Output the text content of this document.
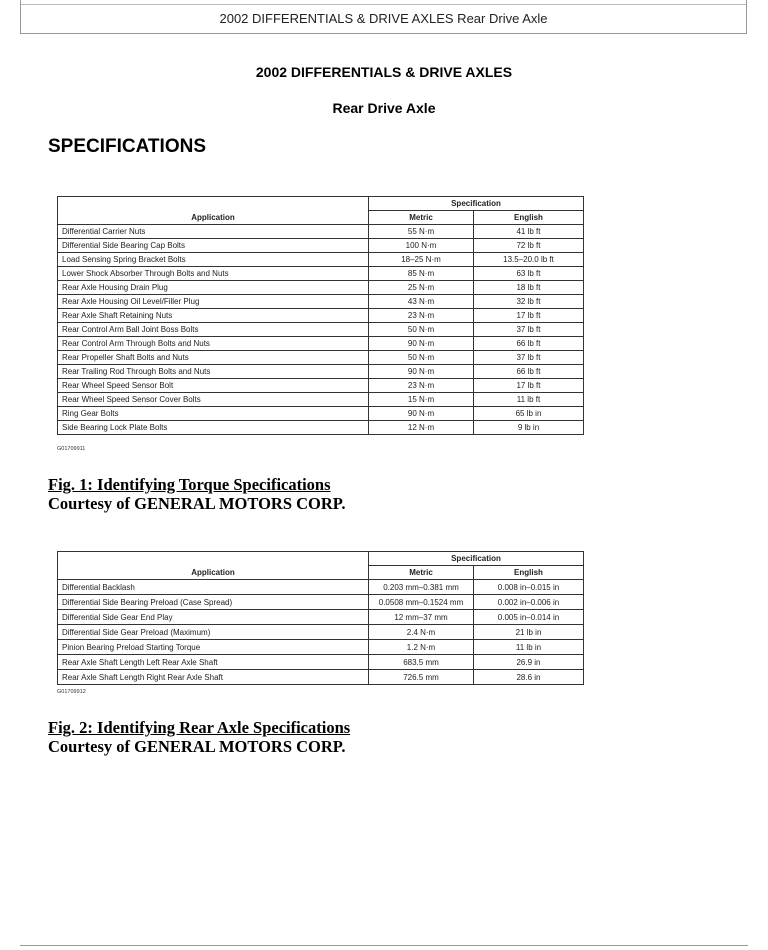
2002 DIFFERENTIALS & DRIVE AXLES Rear Drive Axle
2002 DIFFERENTIALS & DRIVE AXLES
Rear Drive Axle
SPECIFICATIONS
Application	Specification	
	Metric	English
Differential Carrier Nuts	55 N·m	41 lb ft
Differential Side Bearing Cap Bolts	100 N·m	72 lb ft
Load Sensing Spring Bracket Bolts	18–25 N·m	13.5–20.0 lb ft
Lower Shock Absorber Through Bolts and Nuts	85 N·m	63 lb ft
Rear Axle Housing Drain Plug	25 N·m	18 lb ft
Rear Axle Housing Oil Level/Filler Plug	43 N·m	32 lb ft
Rear Axle Shaft Retaining Nuts	23 N·m	17 lb ft
Rear Control Arm Ball Joint Boss Bolts	50 N·m	37 lb ft
Rear Control Arm Through Bolts and Nuts	90 N·m	66 lb ft
Rear Propeller Shaft Bolts and Nuts	50 N·m	37 lb ft
Rear Trailing Rod Through Bolts and Nuts	90 N·m	66 lb ft
Rear Wheel Speed Sensor Bolt	23 N·m	17 lb ft
Rear Wheel Speed Sensor Cover Bolts	15 N·m	11 lb ft
Ring Gear Bolts	90 N·m	65 lb in
Side Bearing Lock Plate Bolts	12 N·m	9 lb in
G01709911
Fig. 1: Identifying Torque Specifications
Courtesy of GENERAL MOTORS CORP.
Application	Specification	
	Metric	English
Differential Backlash	0.203 mm–0.381 mm	0.008 in–0.015 in
Differential Side Bearing Preload (Case Spread)	0.0508 mm–0.1524 mm	0.002 in–0.006 in
Differential Side Gear End Play	12 mm–37 mm	0.005 in–0.014 in
Differential Side Gear Preload (Maximum)	2.4 N·m	21 lb in
Pinion Bearing Preload Starting Torque	1.2 N·m	11 lb in
Rear Axle Shaft Length Left Rear Axle Shaft	683.5 mm	26.9 in
Rear Axle Shaft Length Right Rear Axle Shaft	726.5 mm	28.6 in
G01709912
Fig. 2: Identifying Rear Axle Specifications
Courtesy of GENERAL MOTORS CORP.
